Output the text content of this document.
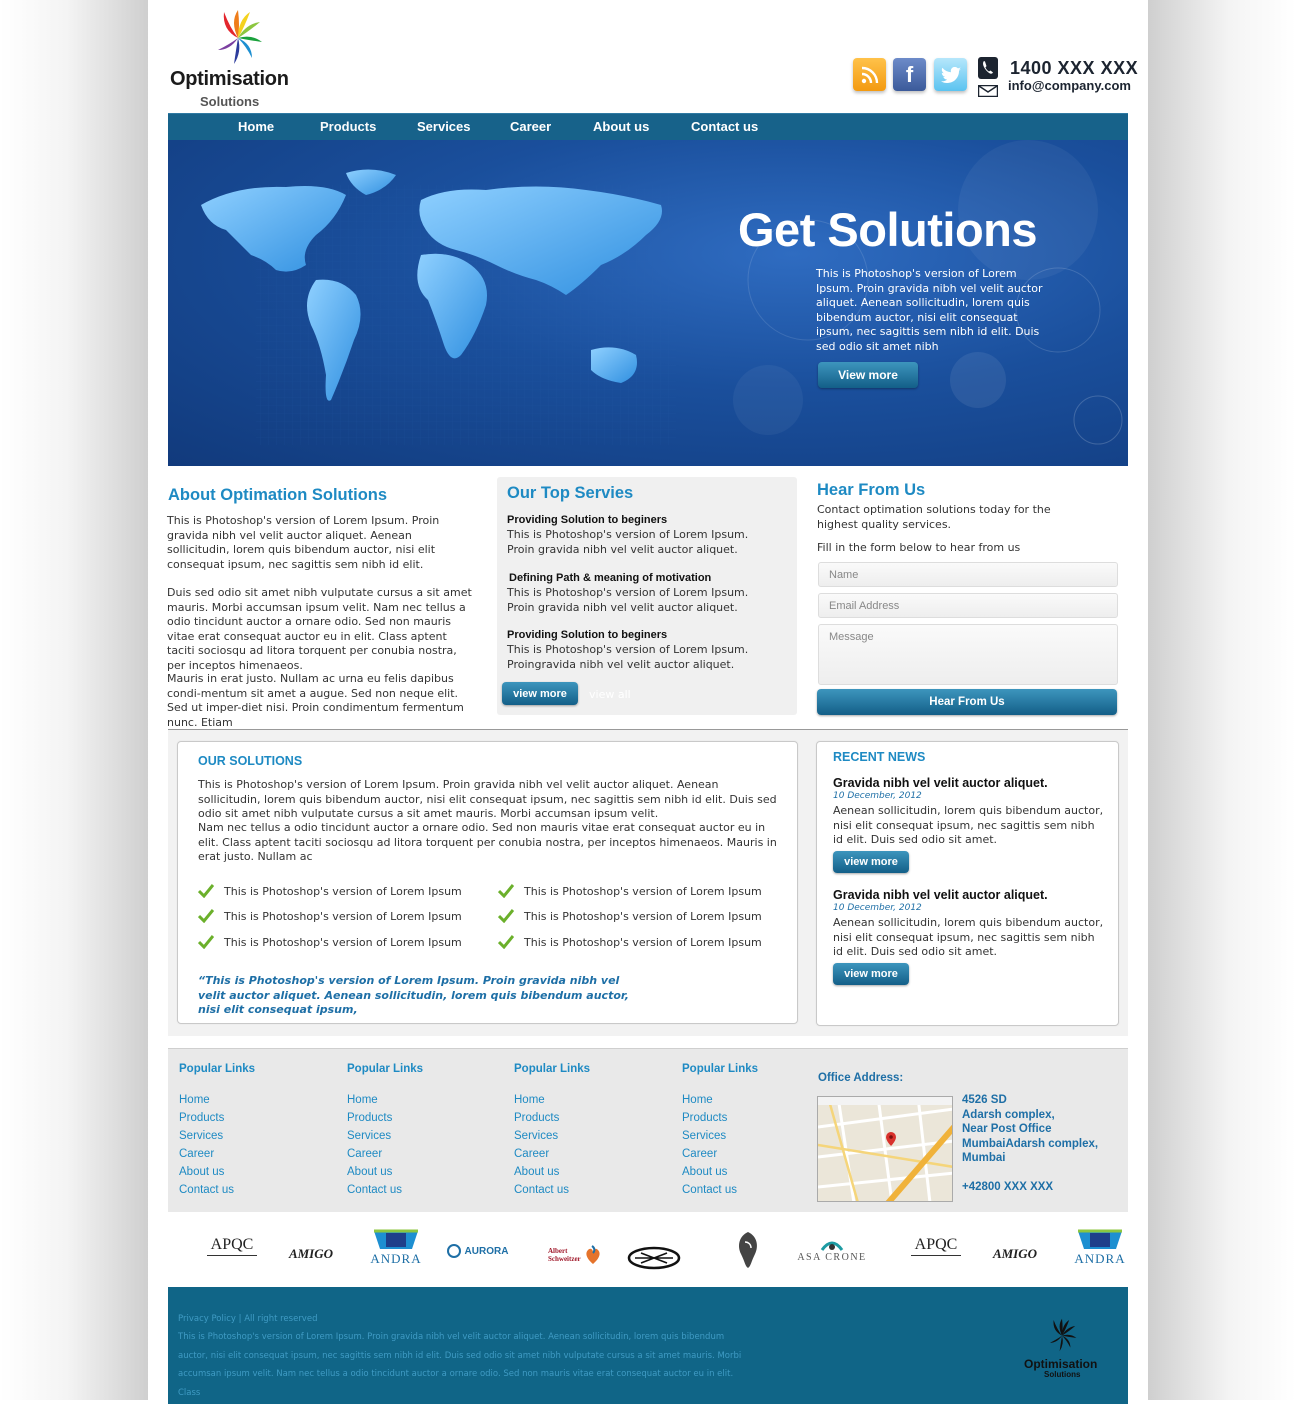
Optimisation
Solutions
f	1400 XXX XXX
info@company.com
Home	Products	Services	Career	About us	Contact us
Get Solutions
This is Photoshop's version of Lorem Ipsum. Proin gravida nibh vel velit auctor aliquet. Aenean sollicitudin, lorem quis bibendum auctor, nisi elit consequat ipsum, nec sagittis sem nibh id elit. Duis sed odio sit amet nibh
View more
About Optimation Solutions
This is Photoshop's version of Lorem Ipsum. Proin gravida nibh vel velit auctor aliquet. Aenean sollicitudin, lorem quis bibendum auctor, nisi elit consequat ipsum, nec sagittis sem nibh id elit.
Duis sed odio sit amet nibh vulputate cursus a sit amet mauris. Morbi accumsan ipsum velit. Nam nec tellus a odio tincidunt auctor a ornare odio. Sed non mauris vitae erat consequat auctor eu in elit. Class aptent taciti sociosqu ad litora torquent per conubia nostra, per inceptos himenaeos.
Mauris in erat justo. Nullam ac urna eu felis dapibus condi-mentum sit amet a augue. Sed non neque elit. Sed ut imper-diet nisi. Proin condimentum fermentum nunc. Etiam
Our Top Servies
Providing Solution to beginers
This is Photoshop's version of Lorem Ipsum. Proin gravida nibh vel velit auctor aliquet.
Defining Path & meaning of motivation
This is Photoshop's version of Lorem Ipsum. Proin gravida nibh vel velit auctor aliquet.
Providing Solution to beginers
This is Photoshop's version of Lorem Ipsum. Proingravida nibh vel velit auctor aliquet.
view more	view all
Hear From Us
Contact optimation solutions today for the highest quality services.
Fill in the form below to hear from us
Name
Email Address
Message
Hear From Us
OUR SOLUTIONS
This is Photoshop's version of Lorem Ipsum. Proin gravida nibh vel velit auctor aliquet. Aenean sollicitudin, lorem quis bibendum auctor, nisi elit consequat ipsum, nec sagittis sem nibh id elit. Duis sed odio sit amet nibh vulputate cursus a sit amet mauris. Morbi accumsan ipsum velit.
Nam nec tellus a odio tincidunt auctor a ornare odio. Sed non mauris vitae erat consequat auctor eu in elit. Class aptent taciti sociosqu ad litora torquent per conubia nostra, per inceptos himenaeos. Mauris in erat justo. Nullam ac
This is Photoshop's version of Lorem Ipsum
This is Photoshop's version of Lorem Ipsum
This is Photoshop's version of Lorem Ipsum
This is Photoshop's version of Lorem Ipsum
This is Photoshop's version of Lorem Ipsum
This is Photoshop's version of Lorem Ipsum
“This is Photoshop's version of Lorem Ipsum. Proin gravida nibh vel velit auctor aliquet. Aenean sollicitudin, lorem quis bibendum auctor, nisi elit consequat ipsum,
RECENT NEWS
Gravida nibh vel velit auctor aliquet.
10 December, 2012
Aenean sollicitudin, lorem quis bibendum auctor, nisi elit consequat ipsum, nec sagittis sem nibh id elit. Duis sed odio sit amet.
view more
Gravida nibh vel velit auctor aliquet.
10 December, 2012
Aenean sollicitudin, lorem quis bibendum auctor, nisi elit consequat ipsum, nec sagittis sem nibh id elit. Duis sed odio sit amet.
view more
Popular Links
Home
Products
Services
Career
About us
Contact us
Popular Links
Home
Products
Services
Career
About us
Contact us
Popular Links
Home
Products
Services
Career
About us
Contact us
Popular Links
Home
Products
Services
Career
About us
Contact us
Office Address:
4526 SD
Adarsh complex,
Near Post Office
MumbaiAdarsh complex,
Mumbai
+42800 XXX XXX
APQC
AMIGO	ANDRA	AURORA	Albert Schweitzer	ASA CRONE
APQC
AMIGO	ANDRA
Privacy Policy | All right reserved
This is Photoshop's version of Lorem Ipsum. Proin gravida nibh vel velit auctor aliquet. Aenean sollicitudin, lorem quis bibendum
auctor, nisi elit consequat ipsum, nec sagittis sem nibh id elit. Duis sed odio sit amet nibh vulputate cursus a sit amet mauris. Morbi
accumsan ipsum velit. Nam nec tellus a odio tincidunt auctor a ornare odio. Sed non mauris vitae erat consequat auctor eu in elit. Class
Optimisation
Solutions
